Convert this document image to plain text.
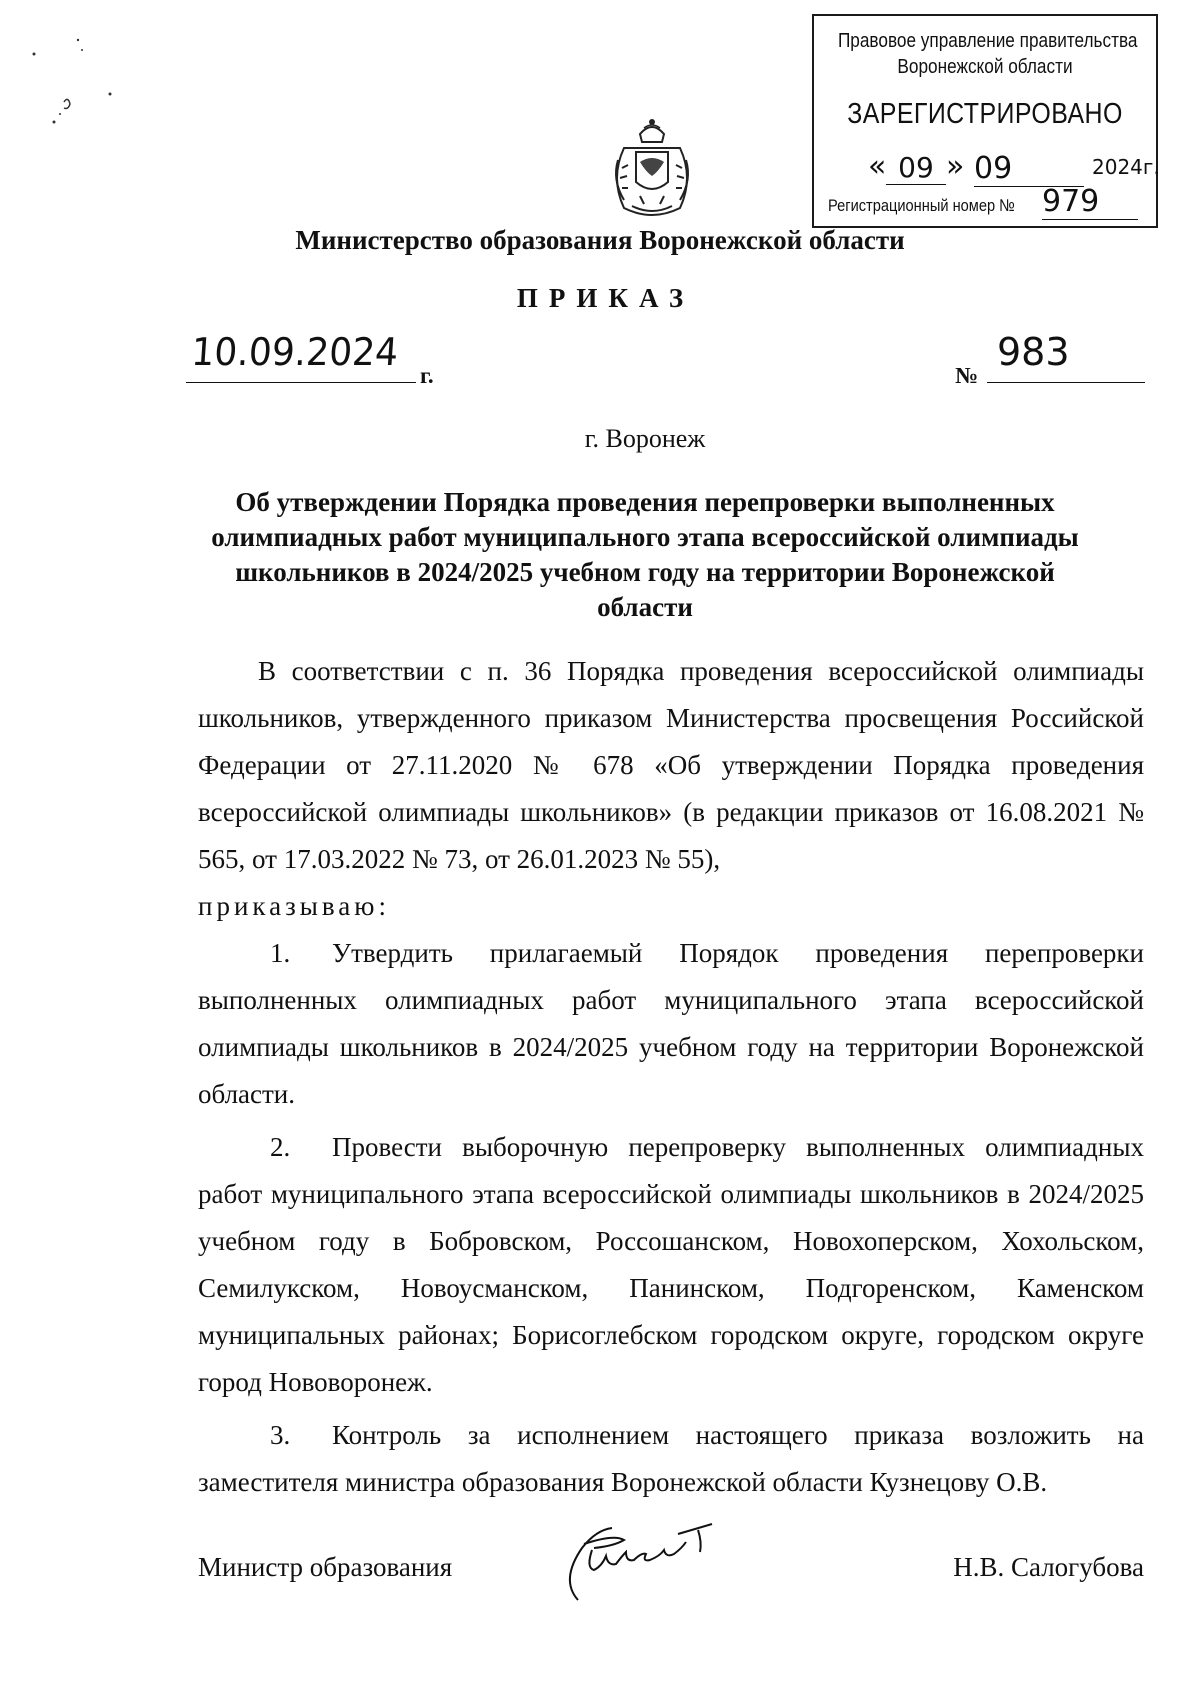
Правовое управление правительства
Воронежской области
ЗАРЕГИСТРИРОВАНО
« 09 » 09	2024г.
Регистрационный номер № 979
Министерство образования Воронежской области
ПРИКАЗ
10.09.2024
г.	№
983
г. Воронеж
Об утверждении Порядка проведения перепроверки выполненных олимпиадных работ муниципального этапа всероссийской олимпиады школьников в 2024/2025 учебном году на территории Воронежской области

В соответствии с п. 36 Порядка проведения всероссийской олимпиады школьников, утвержденного приказом Министерства просвещения Российской Федерации от 27.11.2020 № 678 «Об утверждении Порядка проведения всероссийской олимпиады школьников» (в редакции приказов от 16.08.2021 № 565, от 17.03.2022 № 73, от 26.01.2023 № 55),

приказываю:

1. Утвердить прилагаемый Порядок проведения перепроверки выполненных олимпиадных работ муниципального этапа всероссийской олимпиады школьников в 2024/2025 учебном году на территории Воронежской области.

2. Провести выборочную перепроверку выполненных олимпиадных работ муниципального этапа всероссийской олимпиады школьников в 2024/2025 учебном году в Бобровском, Россошанском, Новохоперском, Хохольском, Семилукском, Новоусманском, Панинском, Подгоренском, Каменском муниципальных районах; Борисоглебском городском округе, городском округе город Нововоронеж.

3. Контроль за исполнением настоящего приказа возложить на заместителя министра образования Воронежской области Кузнецову О.В.

Министр образования	Н.В. Салогубова
